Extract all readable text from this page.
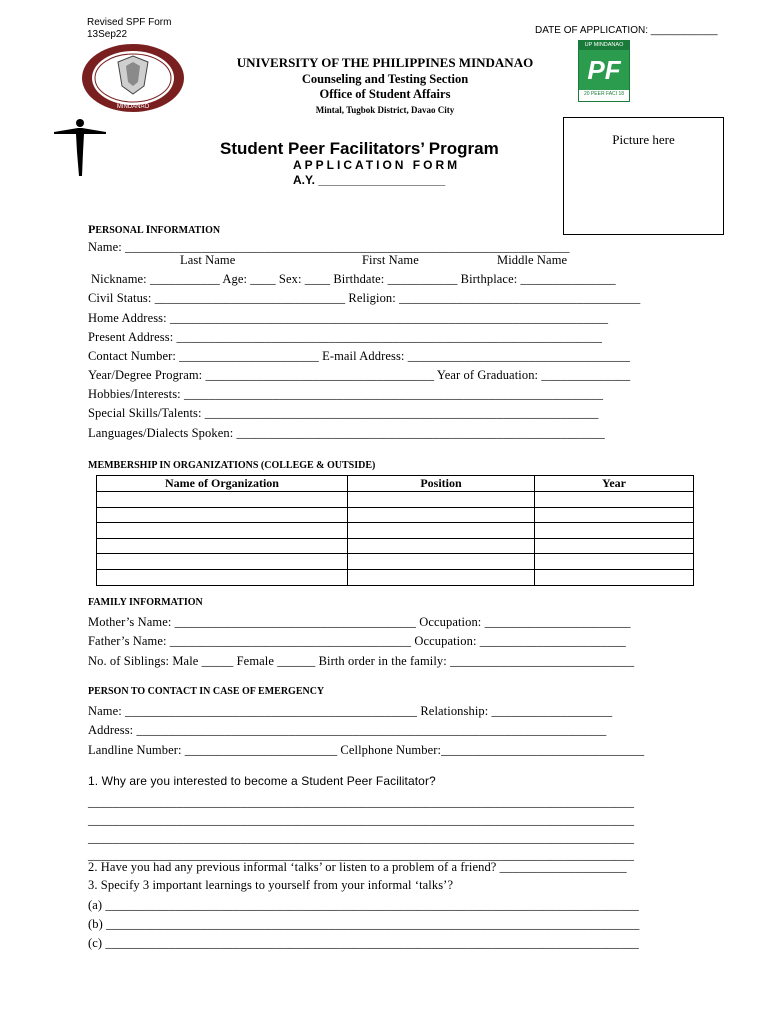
Revised SPF Form
13Sep22	DATE OF APPLICATION: ____________
MINDANAO
UNIVERSITY OF THE PHILIPPINES MINDANAO
Counseling and Testing Section
Office of Student Affairs
Mintal, Tugbok District, Davao City
UP MINDANAO
PF
20 PEER FACI 18
Student Peer Facilitators’ Program
APPLICATION FORM
A.Y. ___________________
Picture here
PERSONAL INFORMATION
Name: ______________________________________________________________________
Last Name	First Name	Middle Name
Nickname: ___________ Age: ____ Sex: ____ Birthdate: ___________ Birthplace: _______________
Civil Status: ______________________________ Religion: ______________________________________
Home Address: _____________________________________________________________________
Present Address: ___________________________________________________________________
Contact Number: ______________________ E-mail Address: ___________________________________
Year/Degree Program: ____________________________________ Year of Graduation: ______________
Hobbies/Interests: __________________________________________________________________
Special Skills/Talents: ______________________________________________________________
Languages/Dialects Spoken: __________________________________________________________
MEMBERSHIP IN ORGANIZATIONS (COLLEGE & OUTSIDE)
Name of Organization	Position	Year

FAMILY INFORMATION
Mother’s Name: ______________________________________ Occupation: _______________________
Father’s Name: ______________________________________ Occupation: _______________________
No. of Siblings: Male _____ Female ______ Birth order in the family: _____________________________
PERSON TO CONTACT IN CASE OF EMERGENCY
Name: ______________________________________________ Relationship: ___________________
Address: __________________________________________________________________________
Landline Number: ________________________ Cellphone Number:________________________________
1. Why are you interested to become a Student Peer Facilitator?
______________________________________________________________________________________
______________________________________________________________________________________
______________________________________________________________________________________
______________________________________________________________________________________
2. Have you had any previous informal ‘talks’ or listen to a problem of a friend? ____________________
3. Specify 3 important learnings to yourself from your informal ‘talks’?
(a) ____________________________________________________________________________________
(b) ____________________________________________________________________________________
(c) ____________________________________________________________________________________
